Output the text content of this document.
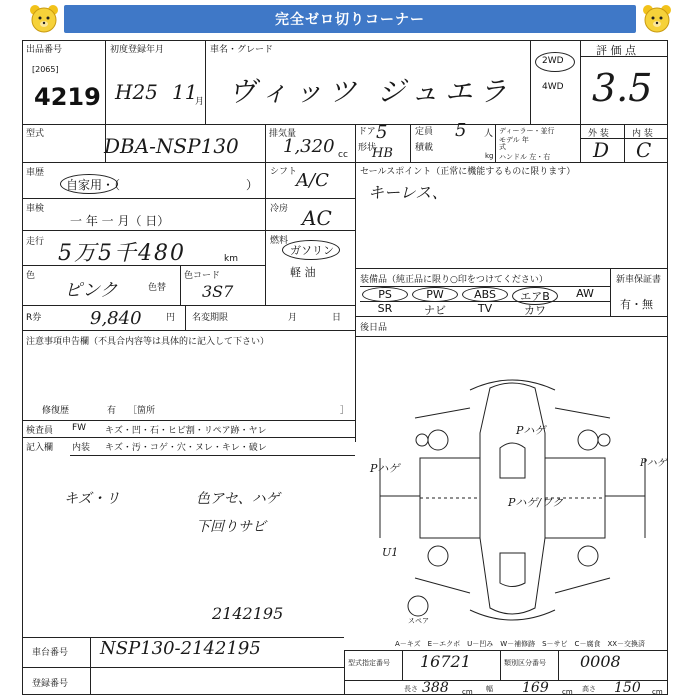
完全ゼロ切りコーナー
出品番号
[2065]
4219
初度登録年月
H25 11
月
車名・グレード
ヴィッツ ジュエラ
2WD
4WD
評 価 点
3.5
型式	DBA-NSP130	排気量
1,320 cc
ドア 5	定員 5 人
形状
HB 積載
kg
ディーラー・並行
モデル 年式
ハンドル 左・右
外 装	内 装
D C
車歴
自家用・（	）
シフト
A/C
車検
一 年 一 月（ 日）
冷房 AC
走行 5万5千480	km
燃料
ガソリン
軽 油
色
ピンク	色替
色コード
3S7
R券	9,840	円 名変期限	月	日
注意事項申告欄（不具合内容等は具体的に記入して下さい）
修復歴	有 ［箇所	］
検査員
記入欄
FW キズ・凹・石・ヒビ割・リペア跡・ヤレ
内装 キズ・汚・コゲ・穴・ヌレ・キレ・破レ
キズ・リ	色アセ、ハゲ
下回りサビ
セールスポイント（正常に機能するものに限ります）
キーレス、
装備品（純正品に限り○印をつけてください）	新車保証書
有・無
PS	PW	ABS	エアB	AW
SR	ナビ	TV	カワ
後日品
Pハゲ
Pハゲ	Pハゲ
Pハゲ/ワク
U1
スペア
A－キズ　E－エクボ　U－凹み　W－補修跡　S－サビ　C－腐食　XX－交換済
車台番号
2142195
NSP130-2142195
登録番号
型式指定番号 16721	類別区分番号 0008
長さ 388 cm 幅 169 cm 高さ 150 cm
